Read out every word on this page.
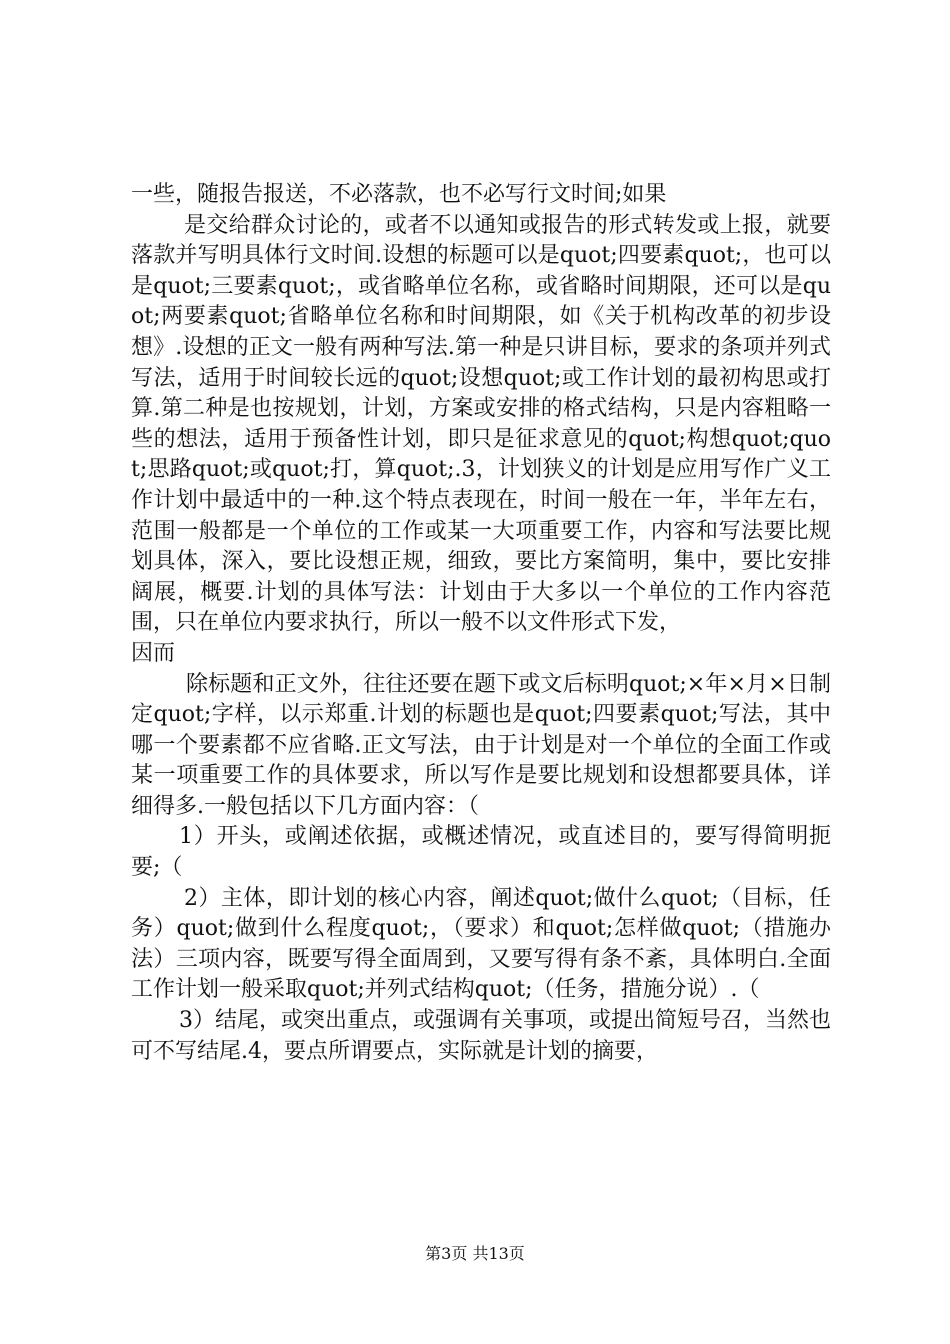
一些，随报告报送，不必落款，也不必写行文时间;如果

是交给群众讨论的，或者不以通知或报告的形式转发或上报，就要落款并写明具体行文时间.设想的标题可以是quot;四要素quot;，也可以是quot;三要素quot;，或省略单位名称，或省略时间期限，还可以是quot;两要素quot;省略单位名称和时间期限，如《关于机构改革的初步设想》.设想的正文一般有两种写法.第一种是只讲目标，要求的条项并列式写法，适用于时间较长远的quot;设想quot;或工作计划的最初构思或打算.第二种是也按规划，计划，方案或安排的格式结构，只是内容粗略一些的想法，适用于预备性计划，即只是征求意见的quot;构想quot;quot;思路quot;或quot;打，算quot;.3，计划狭义的计划是应用写作广义工作计划中最适中的一种.这个特点表现在，时间一般在一年，半年左右，范围一般都是一个单位的工作或某一大项重要工作，内容和写法要比规划具体，深入，要比设想正规，细致，要比方案简明，集中，要比安排阔展，概要.计划的具体写法：计划由于大多以一个单位的工作内容范围，只在单位内要求执行，所以一般不以文件形式下发，

因而

除标题和正文外，往往还要在题下或文后标明quot;×年×月×日制定quot;字样，以示郑重.计划的标题也是quot;四要素quot;写法，其中哪一个要素都不应省略.正文写法，由于计划是对一个单位的全面工作或某一项重要工作的具体要求，所以写作是要比规划和设想都要具体，详细得多.一般包括以下几方面内容：（

1）开头，或阐述依据，或概述情况，或直述目的，要写得简明扼要;（

2）主体，即计划的核心内容，阐述quot;做什么quot;（目标，任务）quot;做到什么程度quot;，（要求）和quot;怎样做quot;（措施办法）三项内容，既要写得全面周到，又要写得有条不紊，具体明白.全面工作计划一般采取quot;并列式结构quot;（任务，措施分说）.（

3）结尾，或突出重点，或强调有关事项，或提出简短号召，当然也可不写结尾.4，要点所谓要点，实际就是计划的摘要，

第3页 共13页
